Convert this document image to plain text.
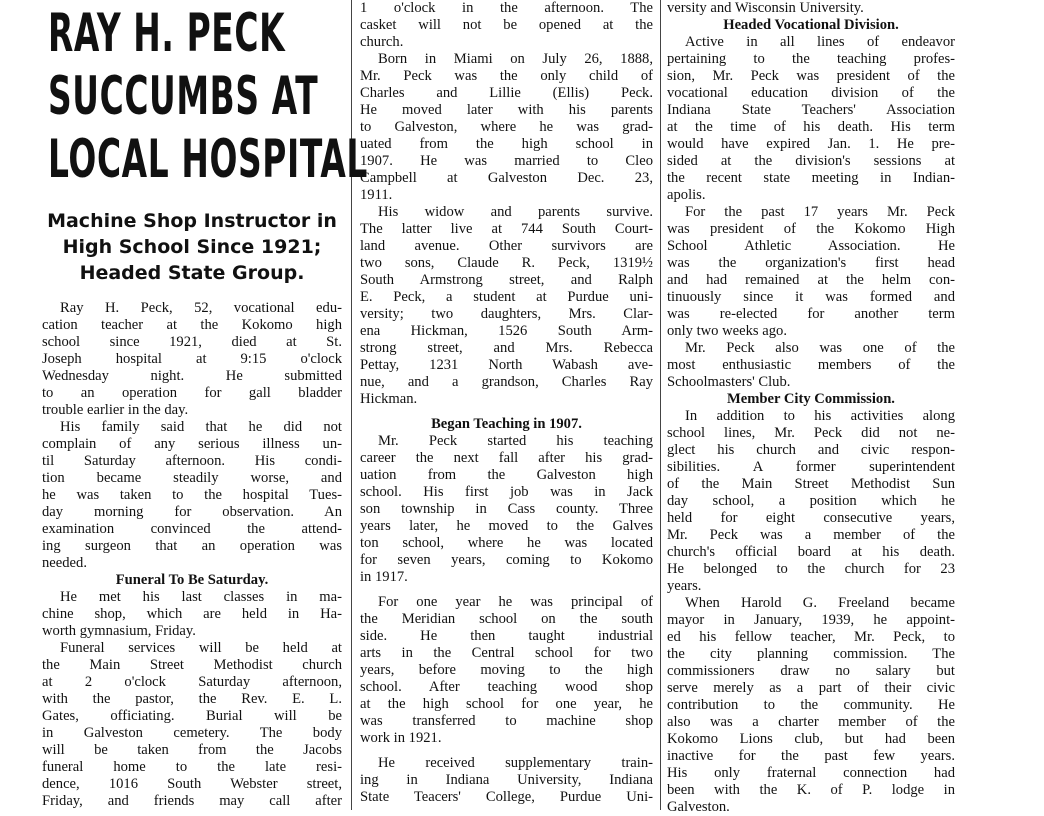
RAY H. PECK
SUCCUMBS AT
LOCAL HOSPITAL
Machine Shop Instructor in
High School Since 1921;
Headed State Group.
Ray H. Peck, 52, vocational edu-
cation teacher at the Kokomo high
school since 1921, died at St.
Joseph hospital at 9:15 o'clock
Wednesday night. He submitted
to an operation for gall bladder
trouble earlier in the day.
His family said that he did not
complain of any serious illness un-
til Saturday afternoon. His condi-
tion became steadily worse, and
he was taken to the hospital Tues-
day morning for observation. An
examination convinced the attend-
ing surgeon that an operation was
needed.
Funeral To Be Saturday.
He met his last classes in ma-
chine shop, which are held in Ha-
worth gymnasium, Friday.
Funeral services will be held at
the Main Street Methodist church
at 2 o'clock Saturday afternoon,
with the pastor, the Rev. E. L.
Gates, officiating. Burial will be
in Galveston cemetery. The body
will be taken from the Jacobs
funeral home to the late resi-
dence, 1016 South Webster street,
Friday, and friends may call after
1 o'clock in the afternoon. The
casket will not be opened at the
church.
Born in Miami on July 26, 1888,
Mr. Peck was the only child of
Charles and Lillie (Ellis) Peck.
He moved later with his parents
to Galveston, where he was grad-
uated from the high school in
1907. He was married to Cleo
Campbell at Galveston Dec. 23,
1911.
His widow and parents survive.
The latter live at 744 South Court-
land avenue. Other survivors are
two sons, Claude R. Peck, 1319½
South Armstrong street, and Ralph
E. Peck, a student at Purdue uni-
versity; two daughters, Mrs. Clar-
ena Hickman, 1526 South Arm-
strong street, and Mrs. Rebecca
Pettay, 1231 North Wabash ave-
nue, and a grandson, Charles Ray
Hickman.
Began Teaching in 1907.
Mr. Peck started his teaching
career the next fall after his grad-
uation from the Galveston high
school. His first job was in Jack
son township in Cass county. Three
years later, he moved to the Galves
ton school, where he was located
for seven years, coming to Kokomo
in 1917.
For one year he was principal of
the Meridian school on the south
side. He then taught industrial
arts in the Central school for two
years, before moving to the high
school. After teaching wood shop
at the high school for one year, he
was transferred to machine shop
work in 1921.
He received supplementary train-
ing in Indiana University, Indiana
State Teacers' College, Purdue Uni-
versity and Wisconsin University.
Headed Vocational Division.
Active in all lines of endeavor
pertaining to the teaching profes-
sion, Mr. Peck was president of the
vocational education division of the
Indiana State Teachers' Association
at the time of his death. His term
would have expired Jan. 1. He pre-
sided at the division's sessions at
the recent state meeting in Indian-
apolis.
For the past 17 years Mr. Peck
was president of the Kokomo High
School Athletic Association. He
was the organization's first head
and had remained at the helm con-
tinuously since it was formed and
was re-elected for another term
only two weeks ago.
Mr. Peck also was one of the
most enthusiastic members of the
Schoolmasters' Club.
Member City Commission.
In addition to his activities along
school lines, Mr. Peck did not ne-
glect his church and civic respon-
sibilities. A former superintendent
of the Main Street Methodist Sun
day school, a position which he
held for eight consecutive years,
Mr. Peck was a member of the
church's official board at his death.
He belonged to the church for 23
years.
When Harold G. Freeland became
mayor in January, 1939, he appoint-
ed his fellow teacher, Mr. Peck, to
the city planning commission. The
commissioners draw no salary but
serve merely as a part of their civic
contribution to the community. He
also was a charter member of the
Kokomo Lions club, but had been
inactive for the past few years.
His only fraternal connection had
been with the K. of P. lodge in
Galveston.
